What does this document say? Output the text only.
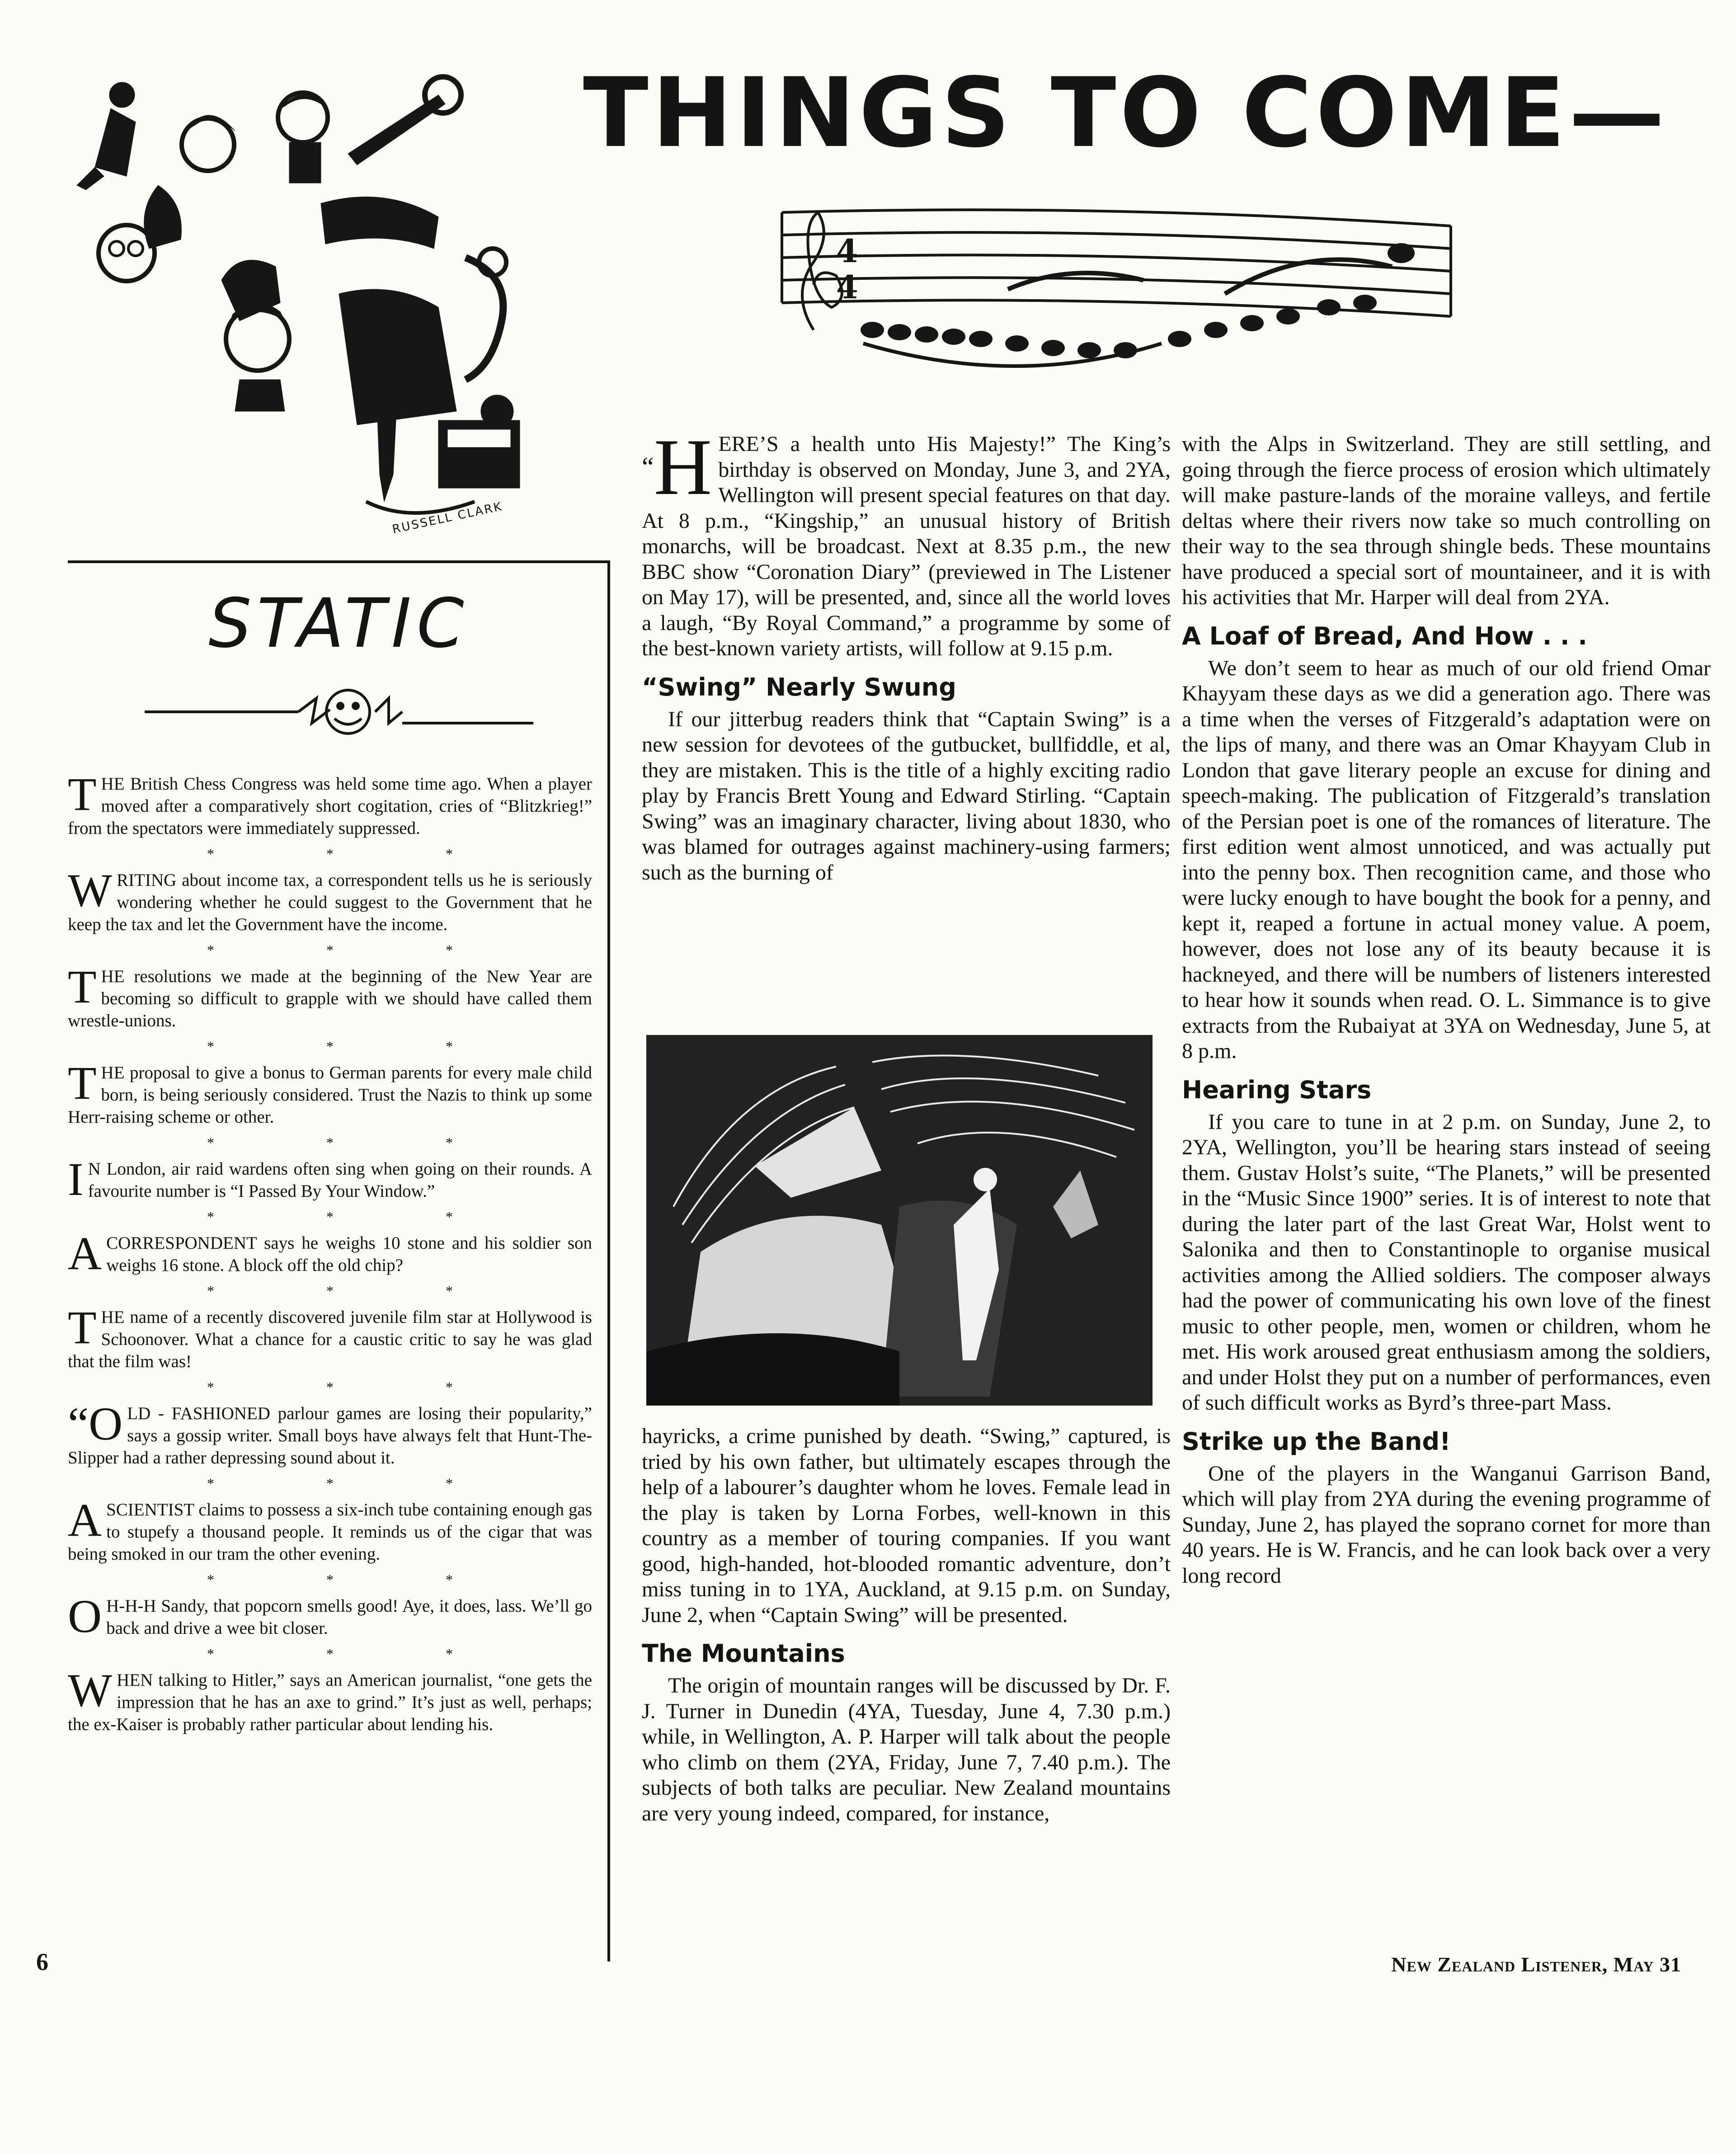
RUSSELL CLARK
THINGS TO COME—
4
4
STATIC

THE British Chess Congress was held some time ago. When a player moved after a comparatively short cogitation, cries of “Blitzkrieg!” from the spectators were immediately suppressed.

* * *

WRITING about income tax, a correspondent tells us he is seriously wondering whether he could suggest to the Government that he keep the tax and let the Government have the income.

* * *

THE resolutions we made at the beginning of the New Year are becoming so difficult to grapple with we should have called them wrestle-unions.

* * *

THE proposal to give a bonus to German parents for every male child born, is being seriously considered. Trust the Nazis to think up some Herr-raising scheme or other.

* * *

I N London, air raid wardens often sing when going on their rounds. A favourite number is “I Passed By Your Window.”

* * *

A CORRESPONDENT says he weighs 10 stone and his soldier son weighs 16 stone. A block off the old chip?

* * *

THE name of a recently discovered juvenile film star at Hollywood is Schoonover. What a chance for a caustic critic to say he was glad that the film was!

* * *

“OLD - FASHIONED parlour games are losing their popularity,” says a gossip writer. Small boys have always felt that Hunt-The-Slipper had a rather depressing sound about it.

* * *

A SCIENTIST claims to possess a six-inch tube containing enough gas to stupefy a thousand people. It reminds us of the cigar that was being smoked in our tram the other evening.

* * *

O H-H-H Sandy, that popcorn smells good! Aye, it does, lass. We’ll go back and drive a wee bit closer.

* * *

WHEN talking to Hitler,” says an American journalist, “one gets the impression that he has an axe to grind.” It’s just as well, perhaps; the ex-Kaiser is probably rather particular about lending his.

“H ERE’S a health unto His Majesty!” The King’s birthday is observed on Monday, June 3, and 2YA, Wellington will present special features on that day. At 8 p.m., “Kingship,” an unusual history of British monarchs, will be broadcast. Next at 8.35 p.m., the new BBC show “Coronation Diary” (previewed in The Listener on May 17), will be presented, and, since all the world loves a laugh, “By Royal Command,” a programme by some of the best-known variety artists, will follow at 9.15 p.m.

“Swing” Nearly Swung

If our jitterbug readers think that “Captain Swing” is a new session for devotees of the gutbucket, bullfiddle, et al, they are mistaken. This is the title of a highly exciting radio play by Francis Brett Young and Edward Stirling. “Captain Swing” was an imaginary character, living about 1830, who was blamed for outrages against machinery-using farmers; such as the burning of

hayricks, a crime punished by death. “Swing,” captured, is tried by his own father, but ultimately escapes through the help of a labourer’s daughter whom he loves. Female lead in the play is taken by Lorna Forbes, well-known in this country as a member of touring companies. If you want good, high-handed, hot-blooded romantic adventure, don’t miss tuning in to 1YA, Auckland, at 9.15 p.m. on Sunday, June 2, when “Captain Swing” will be presented.

The Mountains

The origin of mountain ranges will be discussed by Dr. F. J. Turner in Dunedin (4YA, Tuesday, June 4, 7.30 p.m.) while, in Wellington, A. P. Harper will talk about the people who climb on them (2YA, Friday, June 7, 7.40 p.m.). The subjects of both talks are peculiar. New Zealand mountains are very young indeed, compared, for instance,

with the Alps in Switzerland. They are still settling, and going through the fierce process of erosion which ultimately will make pasture-lands of the moraine valleys, and fertile deltas where their rivers now take so much controlling on their way to the sea through shingle beds. These mountains have produced a special sort of mountaineer, and it is with his activities that Mr. Harper will deal from 2YA.

A Loaf of Bread, And How . . .

We don’t seem to hear as much of our old friend Omar Khayyam these days as we did a generation ago. There was a time when the verses of Fitzgerald’s adaptation were on the lips of many, and there was an Omar Khayyam Club in London that gave literary people an excuse for dining and speech-making. The publication of Fitzgerald’s translation of the Persian poet is one of the romances of literature. The first edition went almost unnoticed, and was actually put into the penny box. Then recognition came, and those who were lucky enough to have bought the book for a penny, and kept it, reaped a fortune in actual money value. A poem, however, does not lose any of its beauty because it is hackneyed, and there will be numbers of listeners interested to hear how it sounds when read. O. L. Simmance is to give extracts from the Rubaiyat at 3YA on Wednesday, June 5, at 8 p.m.

Hearing Stars

If you care to tune in at 2 p.m. on Sunday, June 2, to 2YA, Wellington, you’ll be hearing stars instead of seeing them. Gustav Holst’s suite, “The Planets,” will be presented in the “Music Since 1900” series. It is of interest to note that during the later part of the last Great War, Holst went to Salonika and then to Constantinople to organise musical activities among the Allied soldiers. The composer always had the power of communicating his own love of the finest music to other people, men, women or children, whom he met. His work aroused great enthusiasm among the soldiers, and under Holst they put on a number of performances, even of such difficult works as Byrd’s three-part Mass.

Strike up the Band!

One of the players in the Wanganui Garrison Band, which will play from 2YA during the evening programme of Sunday, June 2, has played the soprano cornet for more than 40 years. He is W. Francis, and he can look back over a very long record

6	New Zealand Listener, May 31
